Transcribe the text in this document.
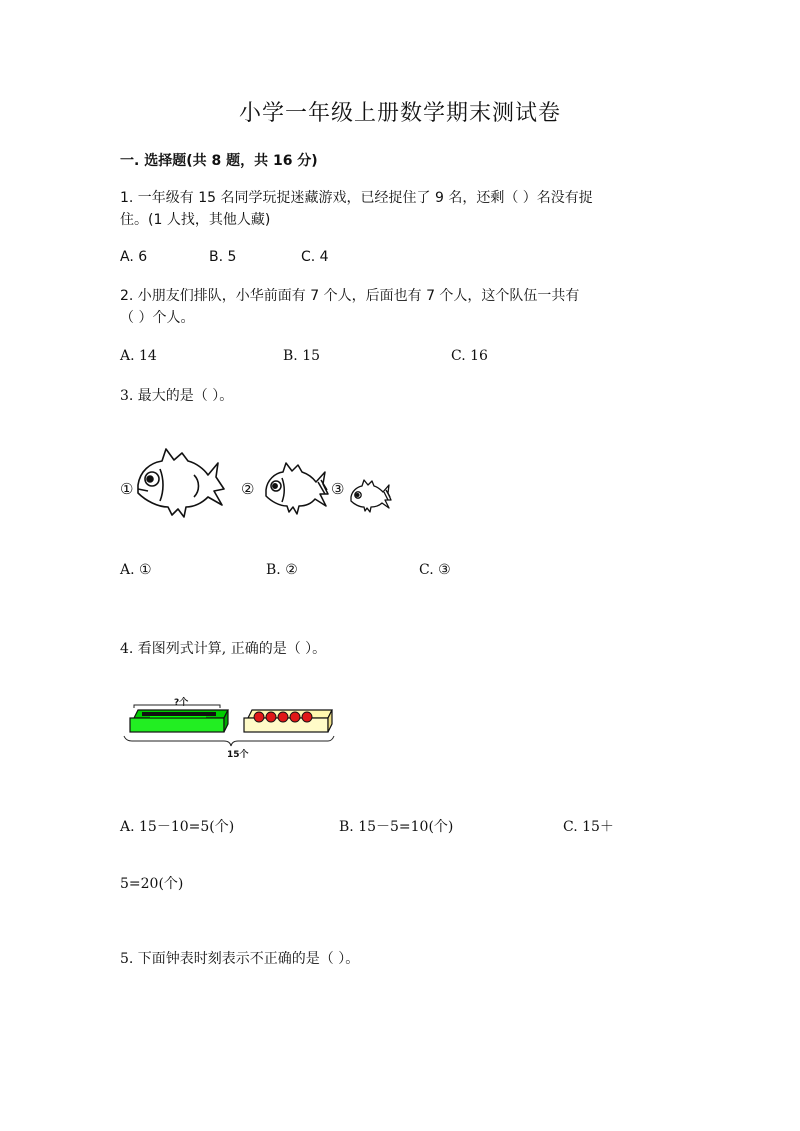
小学一年级上册数学期末测试卷
一. 选择题(共 8 题，共 16 分)
1. 一年级有 15 名同学玩捉迷藏游戏，已经捉住了 9 名，还剩（ ）名没有捉
住。(1 人找，其他人藏)
A. 6	B. 5	C. 4
2. 小朋友们排队，小华前面有 7 个人，后面也有 7 个人，这个队伍一共有
（ ）个人。
A. 14	B. 15	C. 16
3. 最大的是（ ）。
①	②	③
A. ①	B. ②	C. ③
4. 看图列式计算, 正确的是（ ）。
?个
15个
A. 15－10=5(个)	B. 15－5=10(个)	C. 15＋
5=20(个)
5. 下面钟表时刻表示不正确的是（ ）。
